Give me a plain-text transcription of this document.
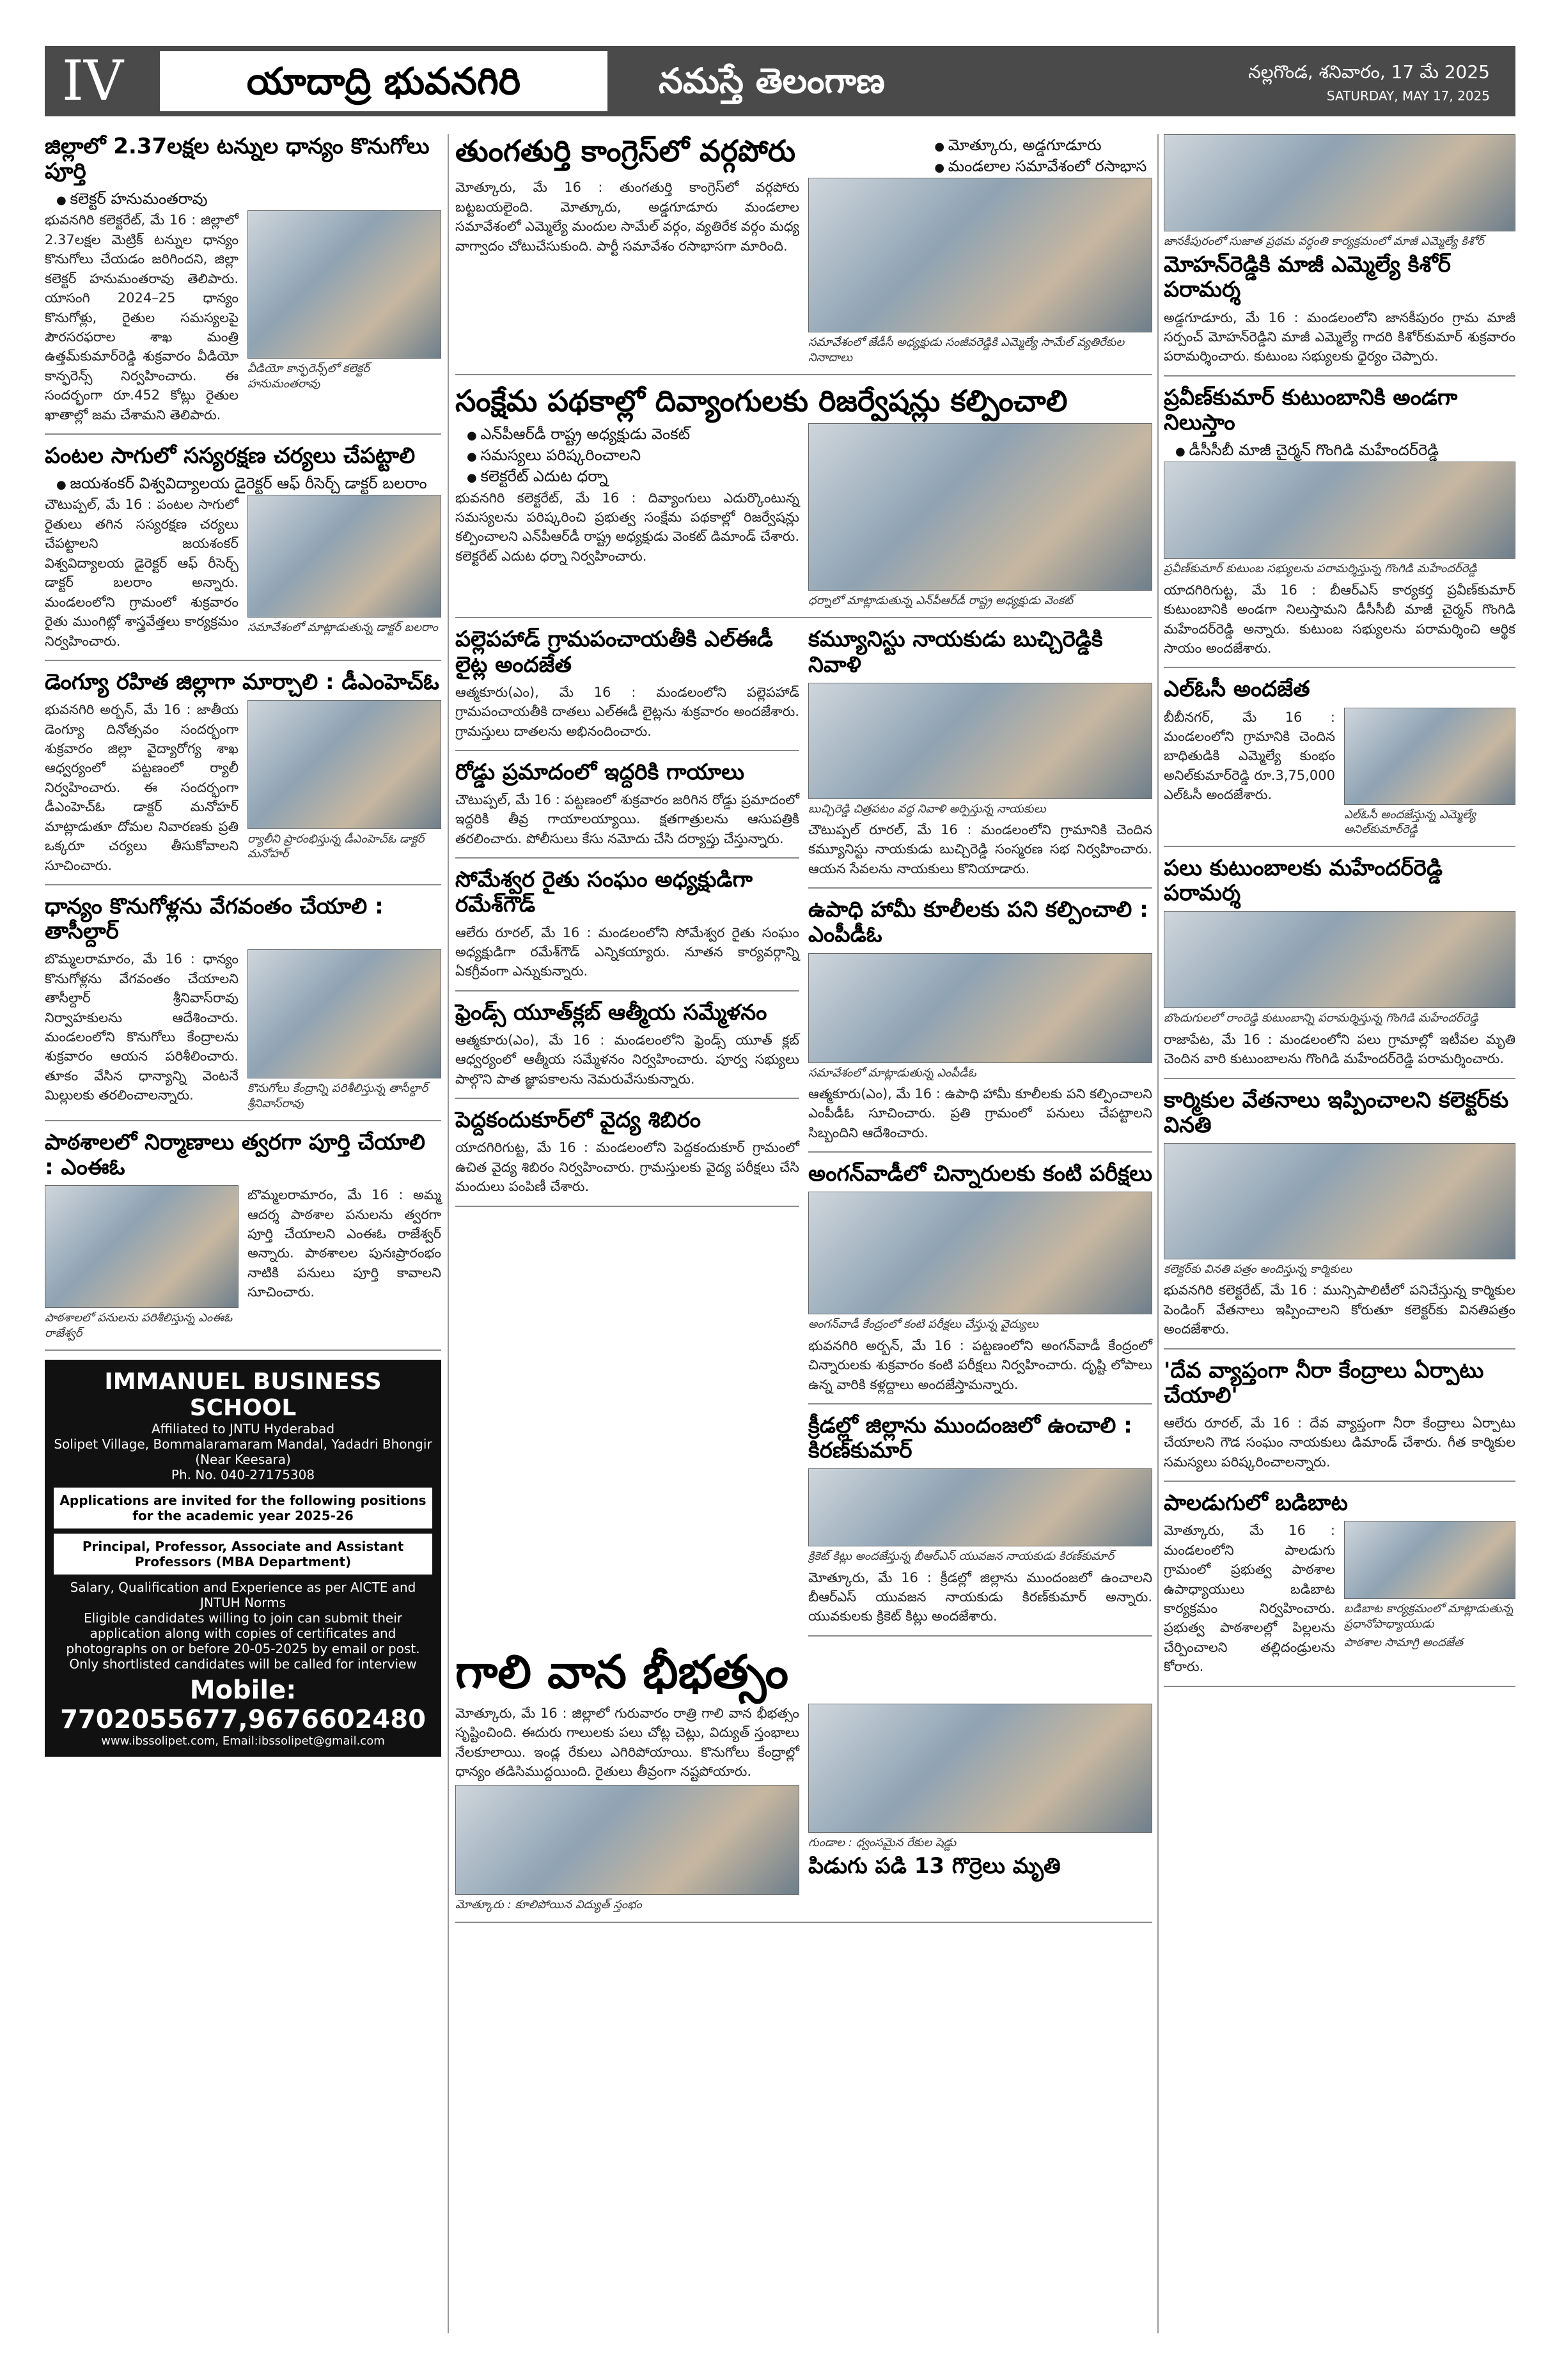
IV	యాదాద్రి భువనగిరి	నమస్తే తెలంగాణ	నల్లగొండ, శనివారం, 17 మే 2025
SATURDAY, MAY 17, 2025
జిల్లాలో 2.37లక్షల టన్నుల ధాన్యం కొనుగోలు పూర్తి
● కలెక్టర్ హనుమంతరావు

భువనగిరి కలెక్టరేట్, మే 16 : జిల్లాలో 2.37లక్షల మెట్రిక్ టన్నుల ధాన్యం కొనుగోలు చేయడం జరిగిందని, జిల్లా కలెక్టర్ హనుమంతరావు తెలిపారు. యాసంగి 2024–25 ధాన్యం కొనుగోళ్లు, రైతుల సమస్యలపై పౌరసరఫరాల శాఖ మంత్రి ఉత్తమ్‌కుమార్‌రెడ్డి శుక్రవారం వీడియో కాన్ఫరెన్స్ నిర్వహించారు. ఈ సందర్భంగా రూ.452 కోట్లు రైతుల ఖాతాల్లో జమ చేశామని తెలిపారు.

వీడియో కాన్ఫరెన్స్‌లో కలెక్టర్ హనుమంతరావు
పంటల సాగులో సస్యరక్షణ చర్యలు చేపట్టాలి
● జయశంకర్ విశ్వవిద్యాలయ డైరెక్టర్ ఆఫ్ రీసెర్చ్ డాక్టర్ బలరాం

చౌటుప్పల్, మే 16 : పంటల సాగులో రైతులు తగిన సస్యరక్షణ చర్యలు చేపట్టాలని జయశంకర్ విశ్వవిద్యాలయ డైరెక్టర్ ఆఫ్ రీసెర్చ్ డాక్టర్ బలరాం అన్నారు. మండలంలోని గ్రామంలో శుక్రవారం రైతు ముంగిట్లో శాస్త్రవేత్తలు కార్యక్రమం నిర్వహించారు.

సమావేశంలో మాట్లాడుతున్న డాక్టర్ బలరాం
డెంగ్యూ రహిత జిల్లాగా మార్చాలి : డీఎంహెచ్ఓ

భువనగిరి అర్బన్, మే 16 : జాతీయ డెంగ్యూ దినోత్సవం సందర్భంగా శుక్రవారం జిల్లా వైద్యారోగ్య శాఖ ఆధ్వర్యంలో పట్టణంలో ర్యాలీ నిర్వహించారు. ఈ సందర్భంగా డీఎంహెచ్ఓ డాక్టర్ మనోహర్ మాట్లాడుతూ దోమల నివారణకు ప్రతి ఒక్కరూ చర్యలు తీసుకోవాలని సూచించారు.

ర్యాలీని ప్రారంభిస్తున్న డీఎంహెచ్ఓ డాక్టర్ మనోహర్
ధాన్యం కొనుగోళ్లను వేగవంతం చేయాలి : తాసీల్దార్

బొమ్మలరామారం, మే 16 : ధాన్యం కొనుగోళ్లను వేగవంతం చేయాలని తాసీల్దార్ శ్రీనివాస్‌రావు నిర్వాహకులను ఆదేశించారు. మండలంలోని కొనుగోలు కేంద్రాలను శుక్రవారం ఆయన పరిశీలించారు. తూకం వేసిన ధాన్యాన్ని వెంటనే మిల్లులకు తరలించాలన్నారు.	కొనుగోలు కేంద్రాన్ని పరిశీలిస్తున్న తాసీల్దార్ శ్రీనివాస్‌రావు
పాఠశాలలో నిర్మాణాలు త్వరగా పూర్తి చేయాలి : ఎంఈఓ
పాఠశాలలో పనులను పరిశీలిస్తున్న ఎంఈఓ రాజేశ్వర్

బొమ్మలరామారం, మే 16 : అమ్మ ఆదర్శ పాఠశాల పనులను త్వరగా పూర్తి చేయాలని ఎంఈఓ రాజేశ్వర్ అన్నారు. పాఠశాలల పునఃప్రారంభం నాటికి పనులు పూర్తి కావాలని సూచించారు.

IMMANUEL BUSINESS SCHOOL
Affiliated to JNTU Hyderabad
Solipet Village, Bommalaramaram Mandal, Yadadri Bhongir (Near Keesara)
Ph. No. 040-27175308
Applications are invited for the following positions for the academic year 2025-26
Principal, Professor, Associate and Assistant Professors (MBA Department)
Salary, Qualification and Experience as per AICTE and JNTUH Norms
Eligible candidates willing to join can submit their application along with copies of certificates and photographs on or before 20-05-2025 by email or post. Only shortlisted candidates will be called for interview
Mobile: 7702055677,9676602480
www.ibssolipet.com, Email:ibssolipet@gmail.com
తుంగతుర్తి కాంగ్రెస్‌లో వర్గపోరు
●	మోత్కూరు, అడ్డగూడూరు
● మండలాల సమావేశంలో రసాభాస

మోత్కూరు, మే 16 : తుంగతుర్తి కాంగ్రెస్‌లో వర్గపోరు బట్టబయలైంది. మోత్కూరు, అడ్డగూడూరు మండలాల సమావేశంలో ఎమ్మెల్యే మందుల సామేల్ వర్గం, వ్యతిరేక వర్గం మధ్య వాగ్వాదం చోటుచేసుకుంది. పార్టీ సమావేశం రసాభాసగా మారింది.

సమావేశంలో జేడీసీ అధ్యక్షుడు సంజీవరెడ్డికి ఎమ్మెల్యే సామేల్ వ్యతిరేకుల నినాదాలు
సంక్షేమ పథకాల్లో దివ్యాంగులకు రిజర్వేషన్లు కల్పించాలి
● ఎన్‌పీఆర్‌డీ రాష్ట్ర అధ్యక్షుడు వెంకట్
● సమస్యలు పరిష్కరించాలని
● కలెక్టరేట్ ఎదుట ధర్నా

భువనగిరి కలెక్టరేట్, మే 16 : దివ్యాంగులు ఎదుర్కొంటున్న సమస్యలను పరిష్కరించి ప్రభుత్వ సంక్షేమ పథకాల్లో రిజర్వేషన్లు కల్పించాలని ఎన్‌పీఆర్‌డీ రాష్ట్ర అధ్యక్షుడు వెంకట్ డిమాండ్ చేశారు. కలెక్టరేట్ ఎదుట ధర్నా నిర్వహించారు.

ధర్నాలో మాట్లాడుతున్న ఎన్‌పీఆర్‌డీ రాష్ట్ర అధ్యక్షుడు వెంకట్
పల్లెపహాడ్ గ్రామపంచాయతీకి ఎల్ఈడీ లైట్ల అందజేత

ఆత్మకూరు(ఎం), మే 16 : మండలంలోని పల్లెపహాడ్ గ్రామపంచాయతీకి దాతలు ఎల్ఈడీ లైట్లను శుక్రవారం అందజేశారు. గ్రామస్తులు దాతలను అభినందించారు.

రోడ్డు ప్రమాదంలో ఇద్దరికి గాయాలు

చౌటుప్పల్, మే 16 : పట్టణంలో శుక్రవారం జరిగిన రోడ్డు ప్రమాదంలో ఇద్దరికి తీవ్ర గాయాలయ్యాయి. క్షతగాత్రులను ఆసుపత్రికి తరలించారు. పోలీసులు కేసు నమోదు చేసి దర్యాప్తు చేస్తున్నారు.

సోమేశ్వర రైతు సంఘం అధ్యక్షుడిగా రమేశ్‌గౌడ్

ఆలేరు రూరల్, మే 16 : మండలంలోని సోమేశ్వర రైతు సంఘం అధ్యక్షుడిగా రమేశ్‌గౌడ్ ఎన్నికయ్యారు. నూతన కార్యవర్గాన్ని ఏకగ్రీవంగా ఎన్నుకున్నారు.

ఫ్రెండ్స్ యూత్‌క్లబ్ ఆత్మీయ సమ్మేళనం

ఆత్మకూరు(ఎం), మే 16 : మండలంలోని ఫ్రెండ్స్ యూత్ క్లబ్ ఆధ్వర్యంలో ఆత్మీయ సమ్మేళనం నిర్వహించారు. పూర్వ సభ్యులు పాల్గొని పాత జ్ఞాపకాలను నెమరువేసుకున్నారు.

పెద్దకందుకూర్‌లో వైద్య శిబిరం

యాదగిరిగుట్ట, మే 16 : మండలంలోని పెద్దకందుకూర్ గ్రామంలో ఉచిత వైద్య శిబిరం నిర్వహించారు. గ్రామస్తులకు వైద్య పరీక్షలు చేసి మందులు పంపిణీ చేశారు.

కమ్యూనిస్టు నాయకుడు బుచ్చిరెడ్డికి నివాళి
బుచ్చిరెడ్డి చిత్రపటం వద్ద నివాళి అర్పిస్తున్న నాయకులు

చౌటుప్పల్ రూరల్, మే 16 : మండలంలోని గ్రామానికి చెందిన కమ్యూనిస్టు నాయకుడు బుచ్చిరెడ్డి సంస్మరణ సభ నిర్వహించారు. ఆయన సేవలను నాయకులు కొనియాడారు.

ఉపాధి హామీ కూలీలకు పని కల్పించాలి : ఎంపీడీఓ
సమావేశంలో మాట్లాడుతున్న ఎంపీడీఓ

ఆత్మకూరు(ఎం), మే 16 : ఉపాధి హామీ కూలీలకు పని కల్పించాలని ఎంపీడీఓ సూచించారు. ప్రతి గ్రామంలో పనులు చేపట్టాలని సిబ్బందిని ఆదేశించారు.

అంగన్‌వాడీలో చిన్నారులకు కంటి పరీక్షలు
అంగన్‌వాడీ కేంద్రంలో కంటి పరీక్షలు చేస్తున్న వైద్యులు

భువనగిరి అర్బన్, మే 16 : పట్టణంలోని అంగన్‌వాడీ కేంద్రంలో చిన్నారులకు శుక్రవారం కంటి పరీక్షలు నిర్వహించారు. దృష్టి లోపాలు ఉన్న వారికి కళ్లద్దాలు అందజేస్తామన్నారు.

క్రీడల్లో జిల్లాను ముందంజలో ఉంచాలి : కిరణ్‌కుమార్
క్రికెట్ కిట్లు అందజేస్తున్న బీఆర్ఎస్ యువజన నాయకుడు కిరణ్‌కుమార్

మోత్కూరు, మే 16 : క్రీడల్లో జిల్లాను ముందంజలో ఉంచాలని బీఆర్ఎస్ యువజన నాయకుడు కిరణ్‌కుమార్ అన్నారు. యువకులకు క్రికెట్ కిట్లు అందజేశారు.

గాలి వాన భీభత్సం

మోత్కూరు, మే 16 : జిల్లాలో గురువారం రాత్రి గాలి వాన భీభత్సం సృష్టించింది. ఈదురు గాలులకు పలు చోట్ల చెట్లు, విద్యుత్ స్తంభాలు నేలకూలాయి. ఇండ్ల రేకులు ఎగిరిపోయాయి. కొనుగోలు కేంద్రాల్లో ధాన్యం తడిసిముద్దయింది. రైతులు తీవ్రంగా నష్టపోయారు.

మోత్కూరు : కూలిపోయిన విద్యుత్ స్తంభం
గుండాల : ధ్వంసమైన రేకుల షెడ్డు
పిడుగు పడి 13 గొర్రెలు మృతి
జానకీపురంలో సుజాత ప్రథమ వర్ధంతి కార్యక్రమంలో మాజీ ఎమ్మెల్యే కిశోర్
మోహన్‌రెడ్డికి మాజీ ఎమ్మెల్యే కిశోర్ పరామర్శ

అడ్డగూడూరు, మే 16 : మండలంలోని జానకీపురం గ్రామ మాజీ సర్పంచ్ మోహన్‌రెడ్డిని మాజీ ఎమ్మెల్యే గాదరి కిశోర్‌కుమార్ శుక్రవారం పరామర్శించారు. కుటుంబ సభ్యులకు ధైర్యం చెప్పారు.

ప్రవీణ్‌కుమార్ కుటుంబానికి అండగా నిలుస్తాం
● డీసీసీబీ మాజీ చైర్మన్ గొంగిడి మహేందర్‌రెడ్డి
ప్రవీణ్‌కుమార్ కుటుంబ సభ్యులను పరామర్శిస్తున్న గొంగిడి మహేందర్‌రెడ్డి

యాదగిరిగుట్ట, మే 16 : బీఆర్ఎస్ కార్యకర్త ప్రవీణ్‌కుమార్ కుటుంబానికి అండగా నిలుస్తామని డీసీసీబీ మాజీ చైర్మన్ గొంగిడి మహేందర్‌రెడ్డి అన్నారు. కుటుంబ సభ్యులను పరామర్శించి ఆర్థిక సాయం అందజేశారు.

ఎల్ఓసీ అందజేత

బీబీనగర్, మే 16 : మండలంలోని గ్రామానికి చెందిన బాధితుడికి ఎమ్మెల్యే కుంభం అనిల్‌కుమార్‌రెడ్డి రూ.3,75,000 ఎల్ఓసీ అందజేశారు.

ఎల్ఓసీ అందజేస్తున్న ఎమ్మెల్యే అనిల్‌కుమార్‌రెడ్డి
పలు కుటుంబాలకు మహేందర్‌రెడ్డి పరామర్శ
బొందుగులలో రాంరెడ్డి కుటుంబాన్ని పరామర్శిస్తున్న గొంగిడి మహేందర్‌రెడ్డి

రాజాపేట, మే 16 : మండలంలోని పలు గ్రామాల్లో ఇటీవల మృతి చెందిన వారి కుటుంబాలను గొంగిడి మహేందర్‌రెడ్డి పరామర్శించారు.

కార్మికుల వేతనాలు ఇప్పించాలని కలెక్టర్‌కు వినతి
కలెక్టర్‌కు వినతి పత్రం అందిస్తున్న కార్మికులు

భువనగిరి కలెక్టరేట్, మే 16 : మున్సిపాలిటీలో పనిచేస్తున్న కార్మికుల పెండింగ్ వేతనాలు ఇప్పించాలని కోరుతూ కలెక్టర్‌కు వినతిపత్రం అందజేశారు.

'దేవ వ్యాప్తంగా నీరా కేంద్రాలు ఏర్పాటు చేయాలి'

ఆలేరు రూరల్, మే 16 : దేవ వ్యాప్తంగా నీరా కేంద్రాలు ఏర్పాటు చేయాలని గౌడ సంఘం నాయకులు డిమాండ్ చేశారు. గీత కార్మికుల సమస్యలు పరిష్కరించాలన్నారు.

పాలడుగులో బడిబాట

మోత్కూరు, మే 16 : మండలంలోని పాలడుగు గ్రామంలో ప్రభుత్వ పాఠశాల ఉపాధ్యాయులు బడిబాట కార్యక్రమం నిర్వహించారు. ప్రభుత్వ పాఠశాలల్లో పిల్లలను చేర్పించాలని తల్లిదండ్రులను కోరారు.

బడిబాట కార్యక్రమంలో మాట్లాడుతున్న ప్రధానోపాధ్యాయుడు
పాఠశాల సామాగ్రి అందజేత
